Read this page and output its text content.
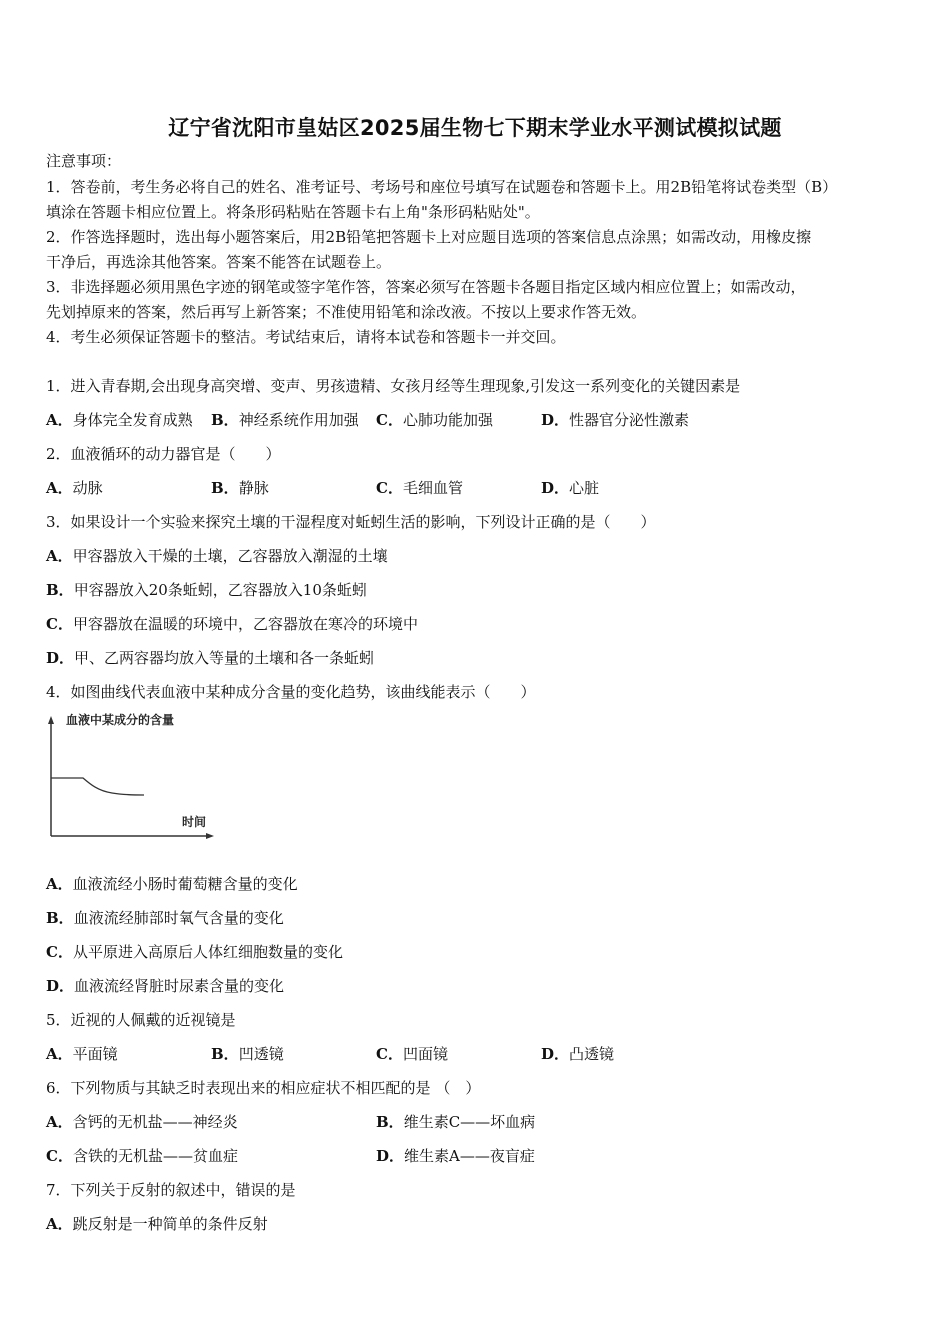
辽宁省沈阳市皇姑区2025届生物七下期末学业水平测试模拟试题
注意事项：
1．答卷前，考生务必将自己的姓名、准考证号、考场号和座位号填写在试题卷和答题卡上。用2B铅笔将试卷类型（B）
填涂在答题卡相应位置上。将条形码粘贴在答题卡右上角"条形码粘贴处"。
2．作答选择题时，选出每小题答案后，用2B铅笔把答题卡上对应题目选项的答案信息点涂黑；如需改动，用橡皮擦
干净后，再选涂其他答案。答案不能答在试题卷上。
3．非选择题必须用黑色字迹的钢笔或签字笔作答，答案必须写在答题卡各题目指定区域内相应位置上；如需改动，
先划掉原来的答案，然后再写上新答案；不准使用铅笔和涂改液。不按以上要求作答无效。
4．考生必须保证答题卡的整洁。考试结束后，请将本试卷和答题卡一并交回。
1．进入青春期,会出现身高突增、变声、男孩遗精、女孩月经等生理现象,引发这一系列变化的关键因素是
A．身体完全发育成熟 B．神经系统作用加强 C．心肺功能加强	D．性器官分泌性激素
2．血液循环的动力器官是（　　）
A．动脉	B．静脉	C．毛细血管	D．心脏
3．如果设计一个实验来探究土壤的干湿程度对蚯蚓生活的影响，下列设计正确的是（　　）
A．甲容器放入干燥的土壤，乙容器放入潮湿的土壤
B．甲容器放入20条蚯蚓，乙容器放入10条蚯蚓
C．甲容器放在温暖的环境中，乙容器放在寒冷的环境中
D．甲、乙两容器均放入等量的土壤和各一条蚯蚓
4．如图曲线代表血液中某种成分含量的变化趋势，该曲线能表示（　　）
血液中某成分的含量
时间
A．血液流经小肠时葡萄糖含量的变化
B．血液流经肺部时氧气含量的变化
C．从平原进入高原后人体红细胞数量的变化
D．血液流经肾脏时尿素含量的变化
5．近视的人佩戴的近视镜是
A．平面镜	B．凹透镜	C．凹面镜	D．凸透镜
6．下列物质与其缺乏时表现出来的相应症状不相匹配的是 （　）
A．含钙的无机盐——神经炎	B．维生素C——坏血病
C．含铁的无机盐——贫血症	D．维生素A——夜盲症
7．下列关于反射的叙述中，错误的是
A．跳反射是一种简单的条件反射
